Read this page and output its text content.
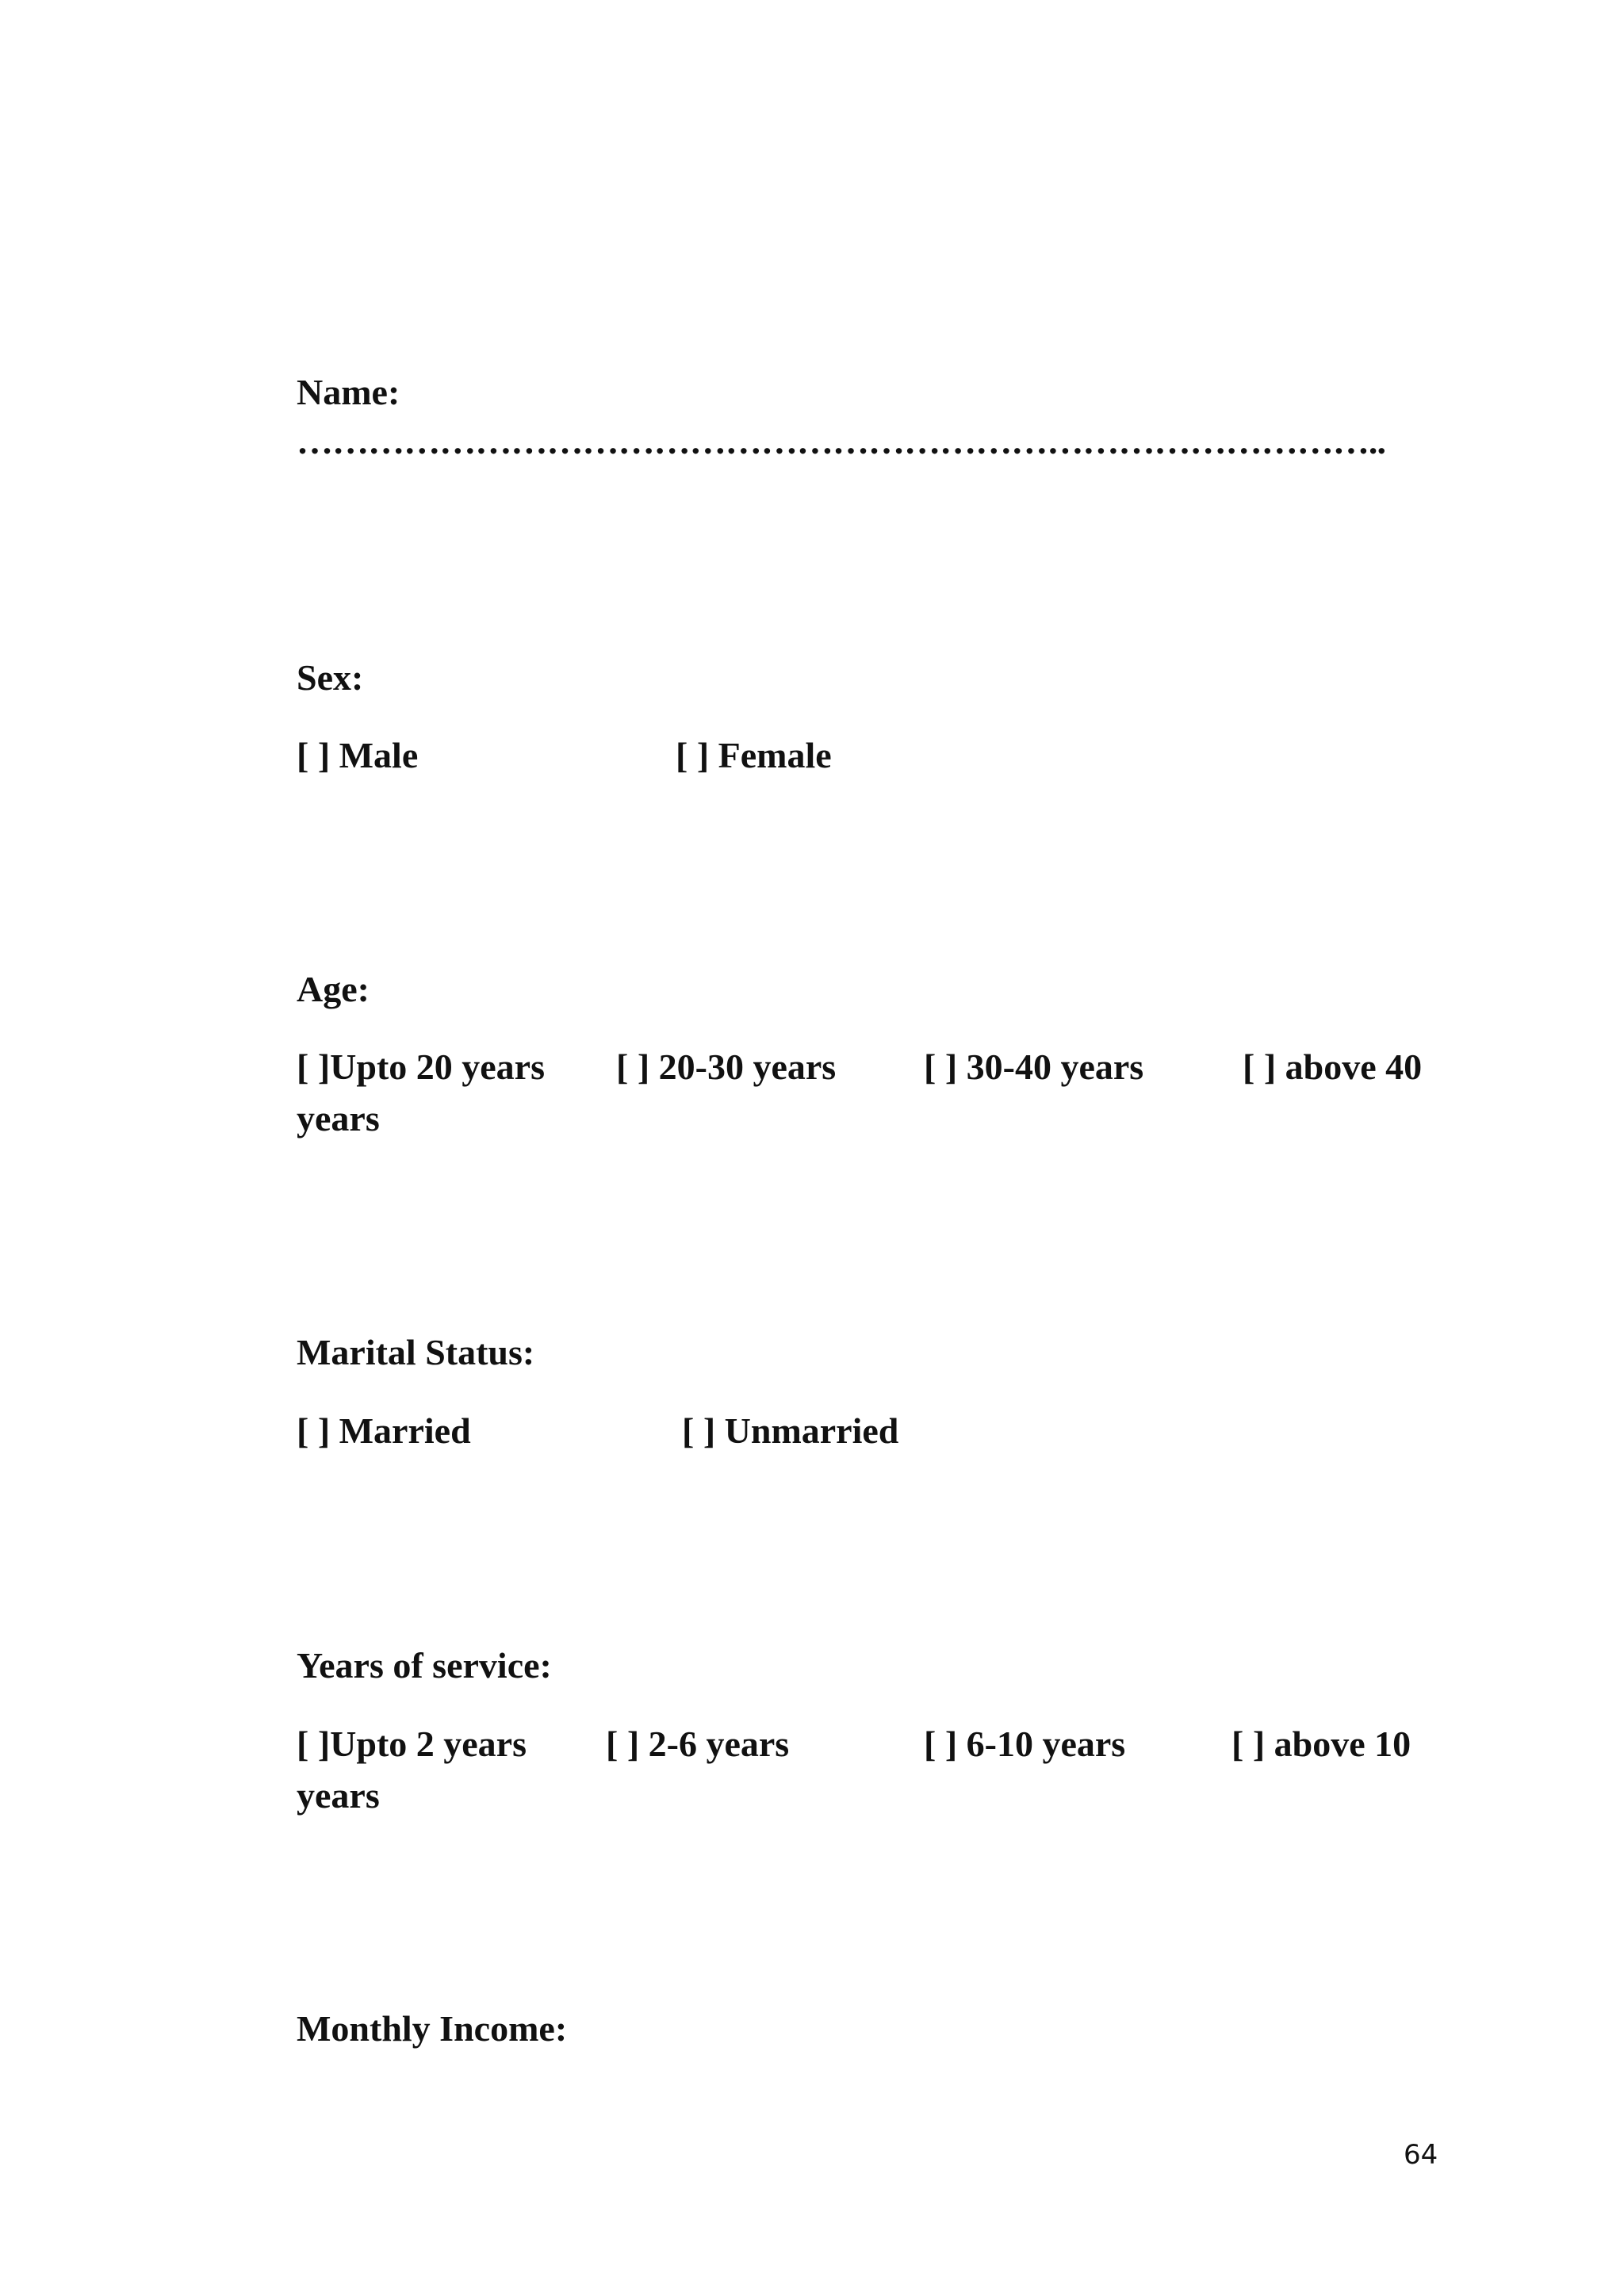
Name:
………………………………………………………………………………..
Sex:
[ ] Male	[ ] Female
Age:
[ ]Upto 20 years [ ] 20-30 years [ ] 30-40 years	[ ] above 40
years
Marital Status:
[ ] Married	[ ] Unmarried
Years of service:
[ ]Upto 2 years [ ] 2-6 years	[ ] 6-10 years	[ ] above 10
years
Monthly Income:
64
